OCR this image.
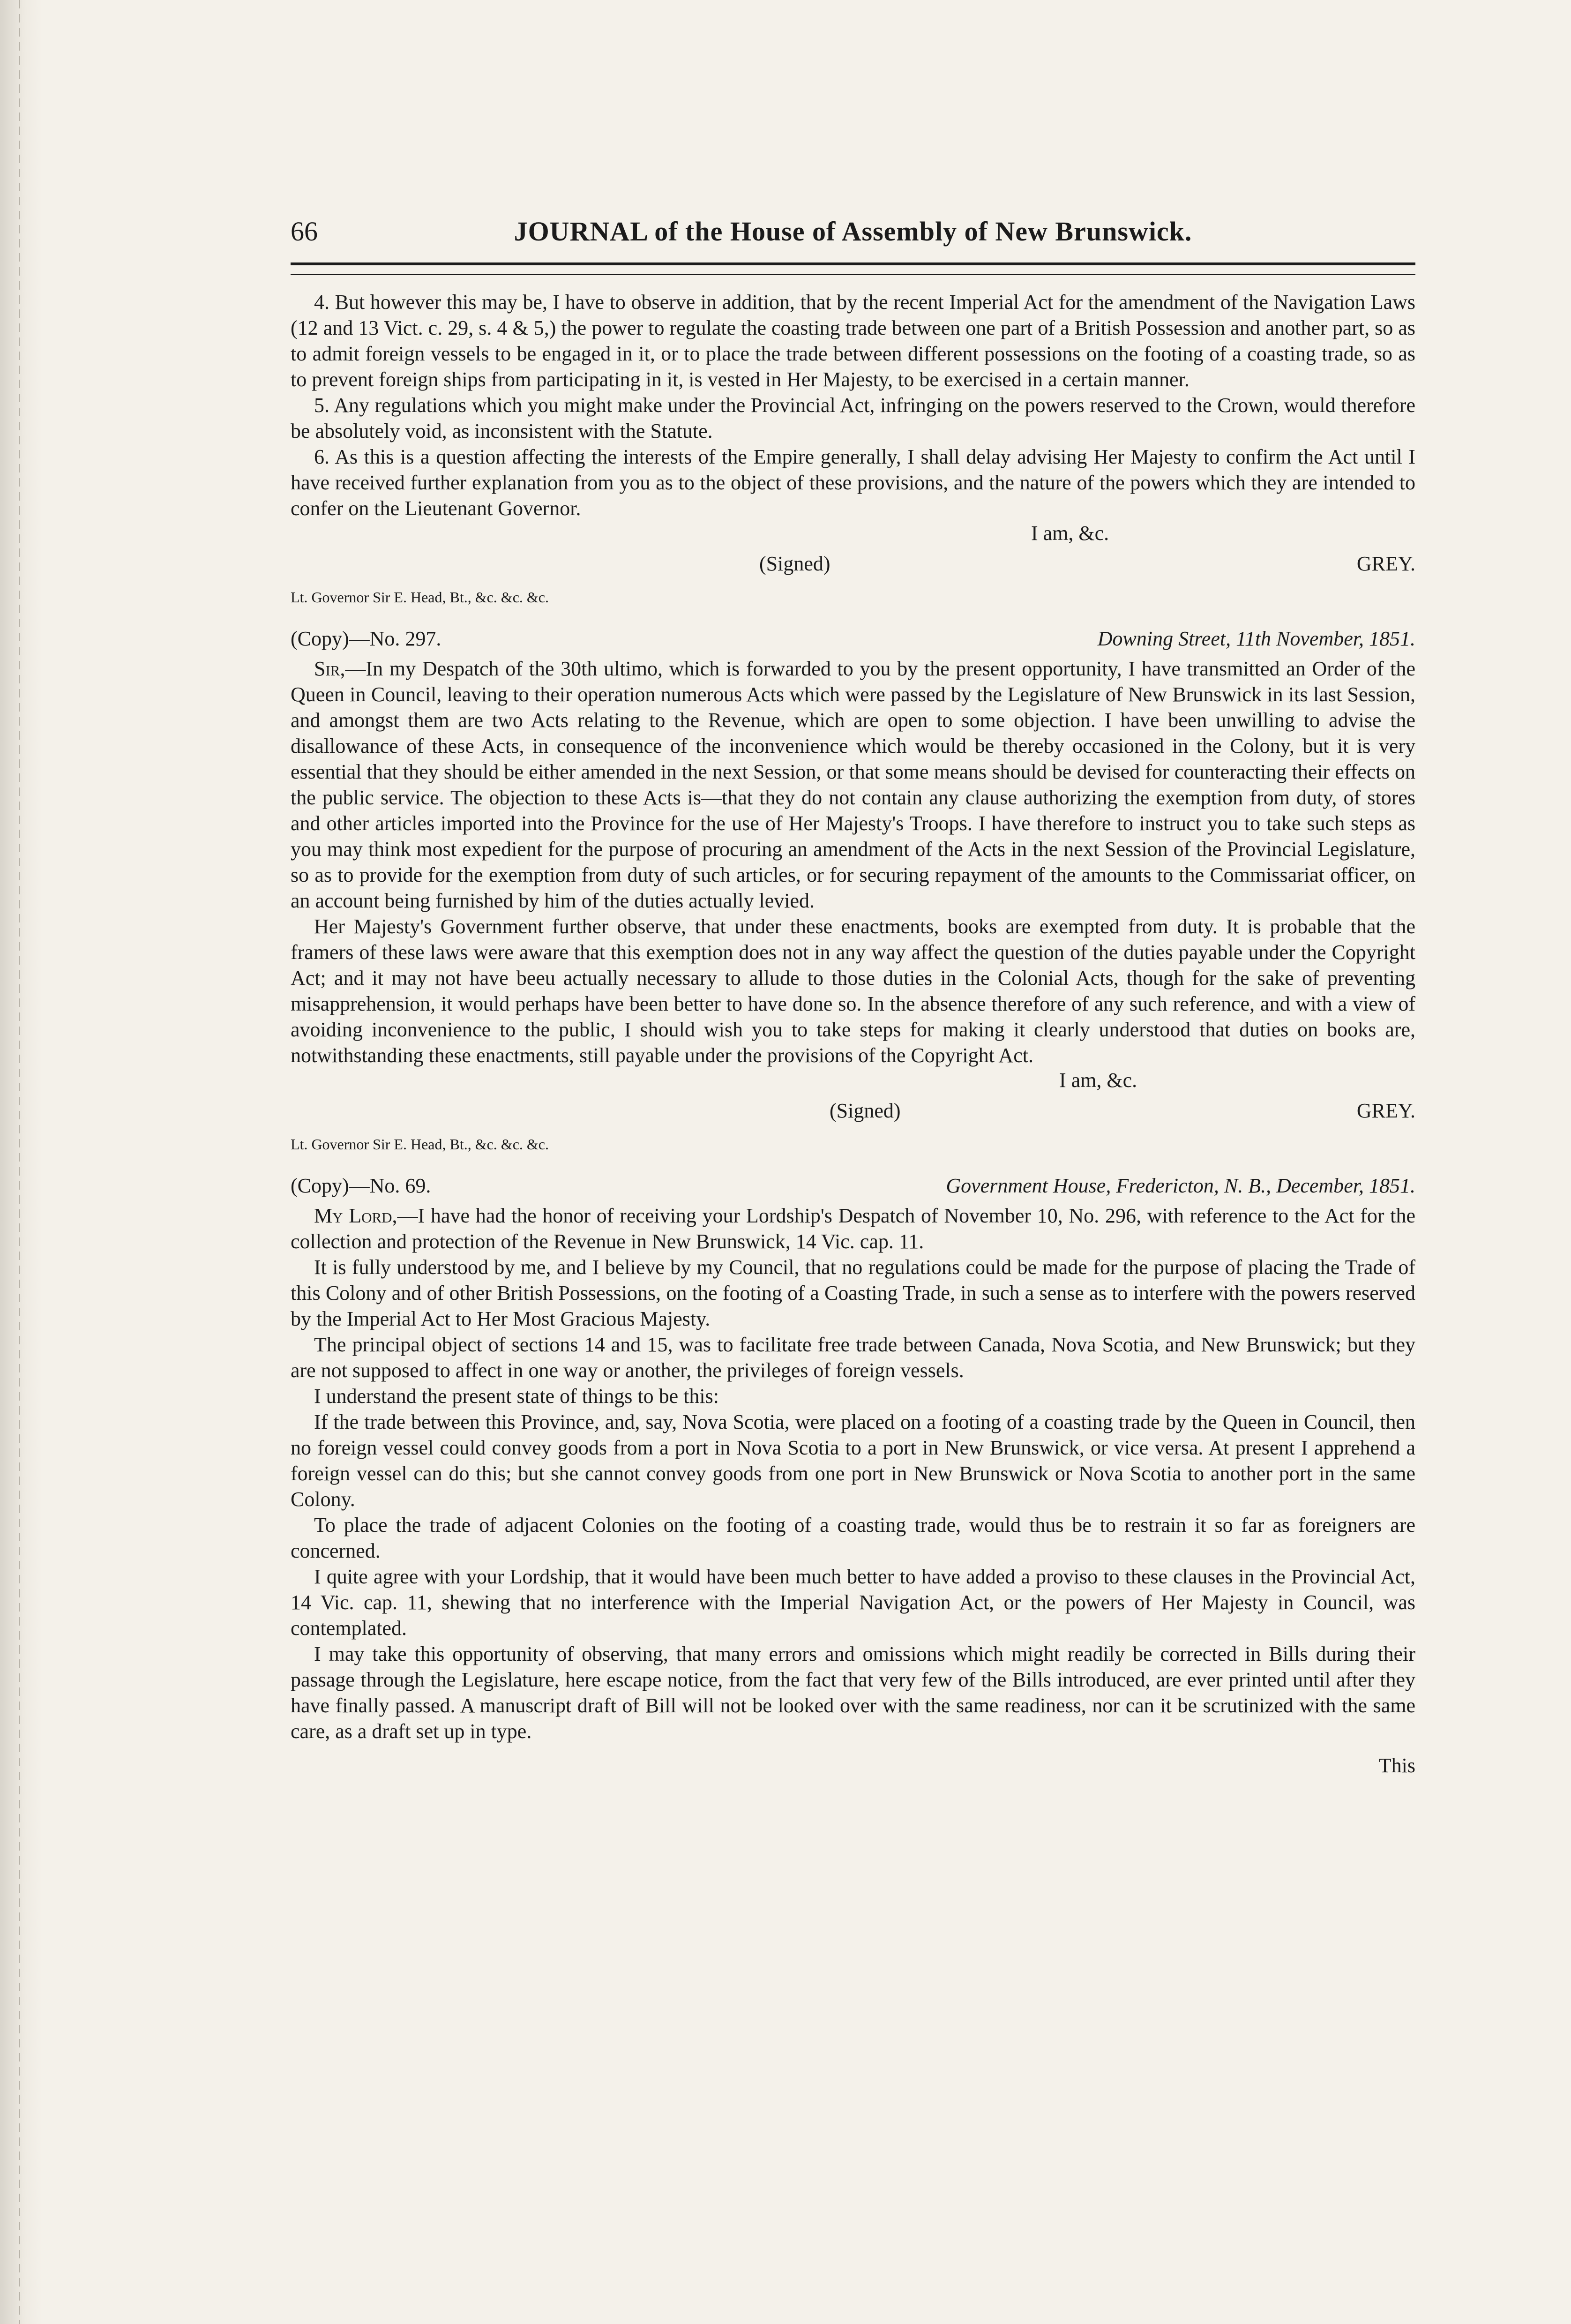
66	JOURNAL of the House of Assembly of New Brunswick.

4. But however this may be, I have to observe in addition, that by the recent Imperial Act for the amendment of the Navigation Laws (12 and 13 Vict. c. 29, s. 4 & 5,) the power to regulate the coasting trade between one part of a British Possession and another part, so as to admit foreign vessels to be engaged in it, or to place the trade between different possessions on the footing of a coasting trade, so as to prevent foreign ships from participating in it, is vested in Her Majesty, to be exercised in a certain manner.

5. Any regulations which you might make under the Provincial Act, infringing on the powers reserved to the Crown, would therefore be absolutely void, as inconsistent with the Statute.

6. As this is a question affecting the interests of the Empire generally, I shall delay advising Her Majesty to confirm the Act until I have received further explanation from you as to the object of these provisions, and the nature of the powers which they are intended to confer on the Lieutenant Governor.

I am, &c.
(Signed)	GREY.
Lt. Governor Sir E. Head, Bt., &c. &c. &c.
(Copy)—No. 297.	Downing Street, 11th November, 1851.

Sir,—In my Despatch of the 30th ultimo, which is forwarded to you by the present opportunity, I have transmitted an Order of the Queen in Council, leaving to their operation numerous Acts which were passed by the Legislature of New Brunswick in its last Session, and amongst them are two Acts relating to the Revenue, which are open to some objection. I have been unwilling to advise the disallowance of these Acts, in consequence of the inconvenience which would be thereby occasioned in the Colony, but it is very essential that they should be either amended in the next Session, or that some means should be devised for counteracting their effects on the public service. The objection to these Acts is—that they do not contain any clause authorizing the exemption from duty, of stores and other articles imported into the Province for the use of Her Majesty's Troops. I have therefore to instruct you to take such steps as you may think most expedient for the purpose of procuring an amendment of the Acts in the next Session of the Provincial Legislature, so as to provide for the exemption from duty of such articles, or for securing repayment of the amounts to the Commissariat officer, on an account being furnished by him of the duties actually levied.

Her Majesty's Government further observe, that under these enactments, books are exempted from duty. It is probable that the framers of these laws were aware that this exemption does not in any way affect the question of the duties payable under the Copyright Act; and it may not have beeu actually necessary to allude to those duties in the Colonial Acts, though for the sake of preventing misapprehension, it would perhaps have been better to have done so. In the absence therefore of any such reference, and with a view of avoiding inconvenience to the public, I should wish you to take steps for making it clearly understood that duties on books are, notwithstanding these enactments, still payable under the provisions of the Copyright Act.

I am, &c.
(Signed)	GREY.
Lt. Governor Sir E. Head, Bt., &c. &c. &c.
(Copy)—No. 69.	Government House, Fredericton, N. B., December, 1851.

My Lord,—I have had the honor of receiving your Lordship's Despatch of November 10, No. 296, with reference to the Act for the collection and protection of the Revenue in New Brunswick, 14 Vic. cap. 11.

It is fully understood by me, and I believe by my Council, that no regulations could be made for the purpose of placing the Trade of this Colony and of other British Possessions, on the footing of a Coasting Trade, in such a sense as to interfere with the powers reserved by the Imperial Act to Her Most Gracious Majesty.

The principal object of sections 14 and 15, was to facilitate free trade between Canada, Nova Scotia, and New Brunswick; but they are not supposed to affect in one way or another, the privileges of foreign vessels.

I understand the present state of things to be this:

If the trade between this Province, and, say, Nova Scotia, were placed on a footing of a coasting trade by the Queen in Council, then no foreign vessel could convey goods from a port in Nova Scotia to a port in New Brunswick, or vice versa. At present I apprehend a foreign vessel can do this; but she cannot convey goods from one port in New Brunswick or Nova Scotia to another port in the same Colony.

To place the trade of adjacent Colonies on the footing of a coasting trade, would thus be to restrain it so far as foreigners are concerned.

I quite agree with your Lordship, that it would have been much better to have added a proviso to these clauses in the Provincial Act, 14 Vic. cap. 11, shewing that no interference with the Imperial Navigation Act, or the powers of Her Majesty in Council, was contemplated.

I may take this opportunity of observing, that many errors and omissions which might readily be corrected in Bills during their passage through the Legislature, here escape notice, from the fact that very few of the Bills introduced, are ever printed until after they have finally passed. A manuscript draft of Bill will not be looked over with the same readiness, nor can it be scrutinized with the same care, as a draft set up in type.

This
